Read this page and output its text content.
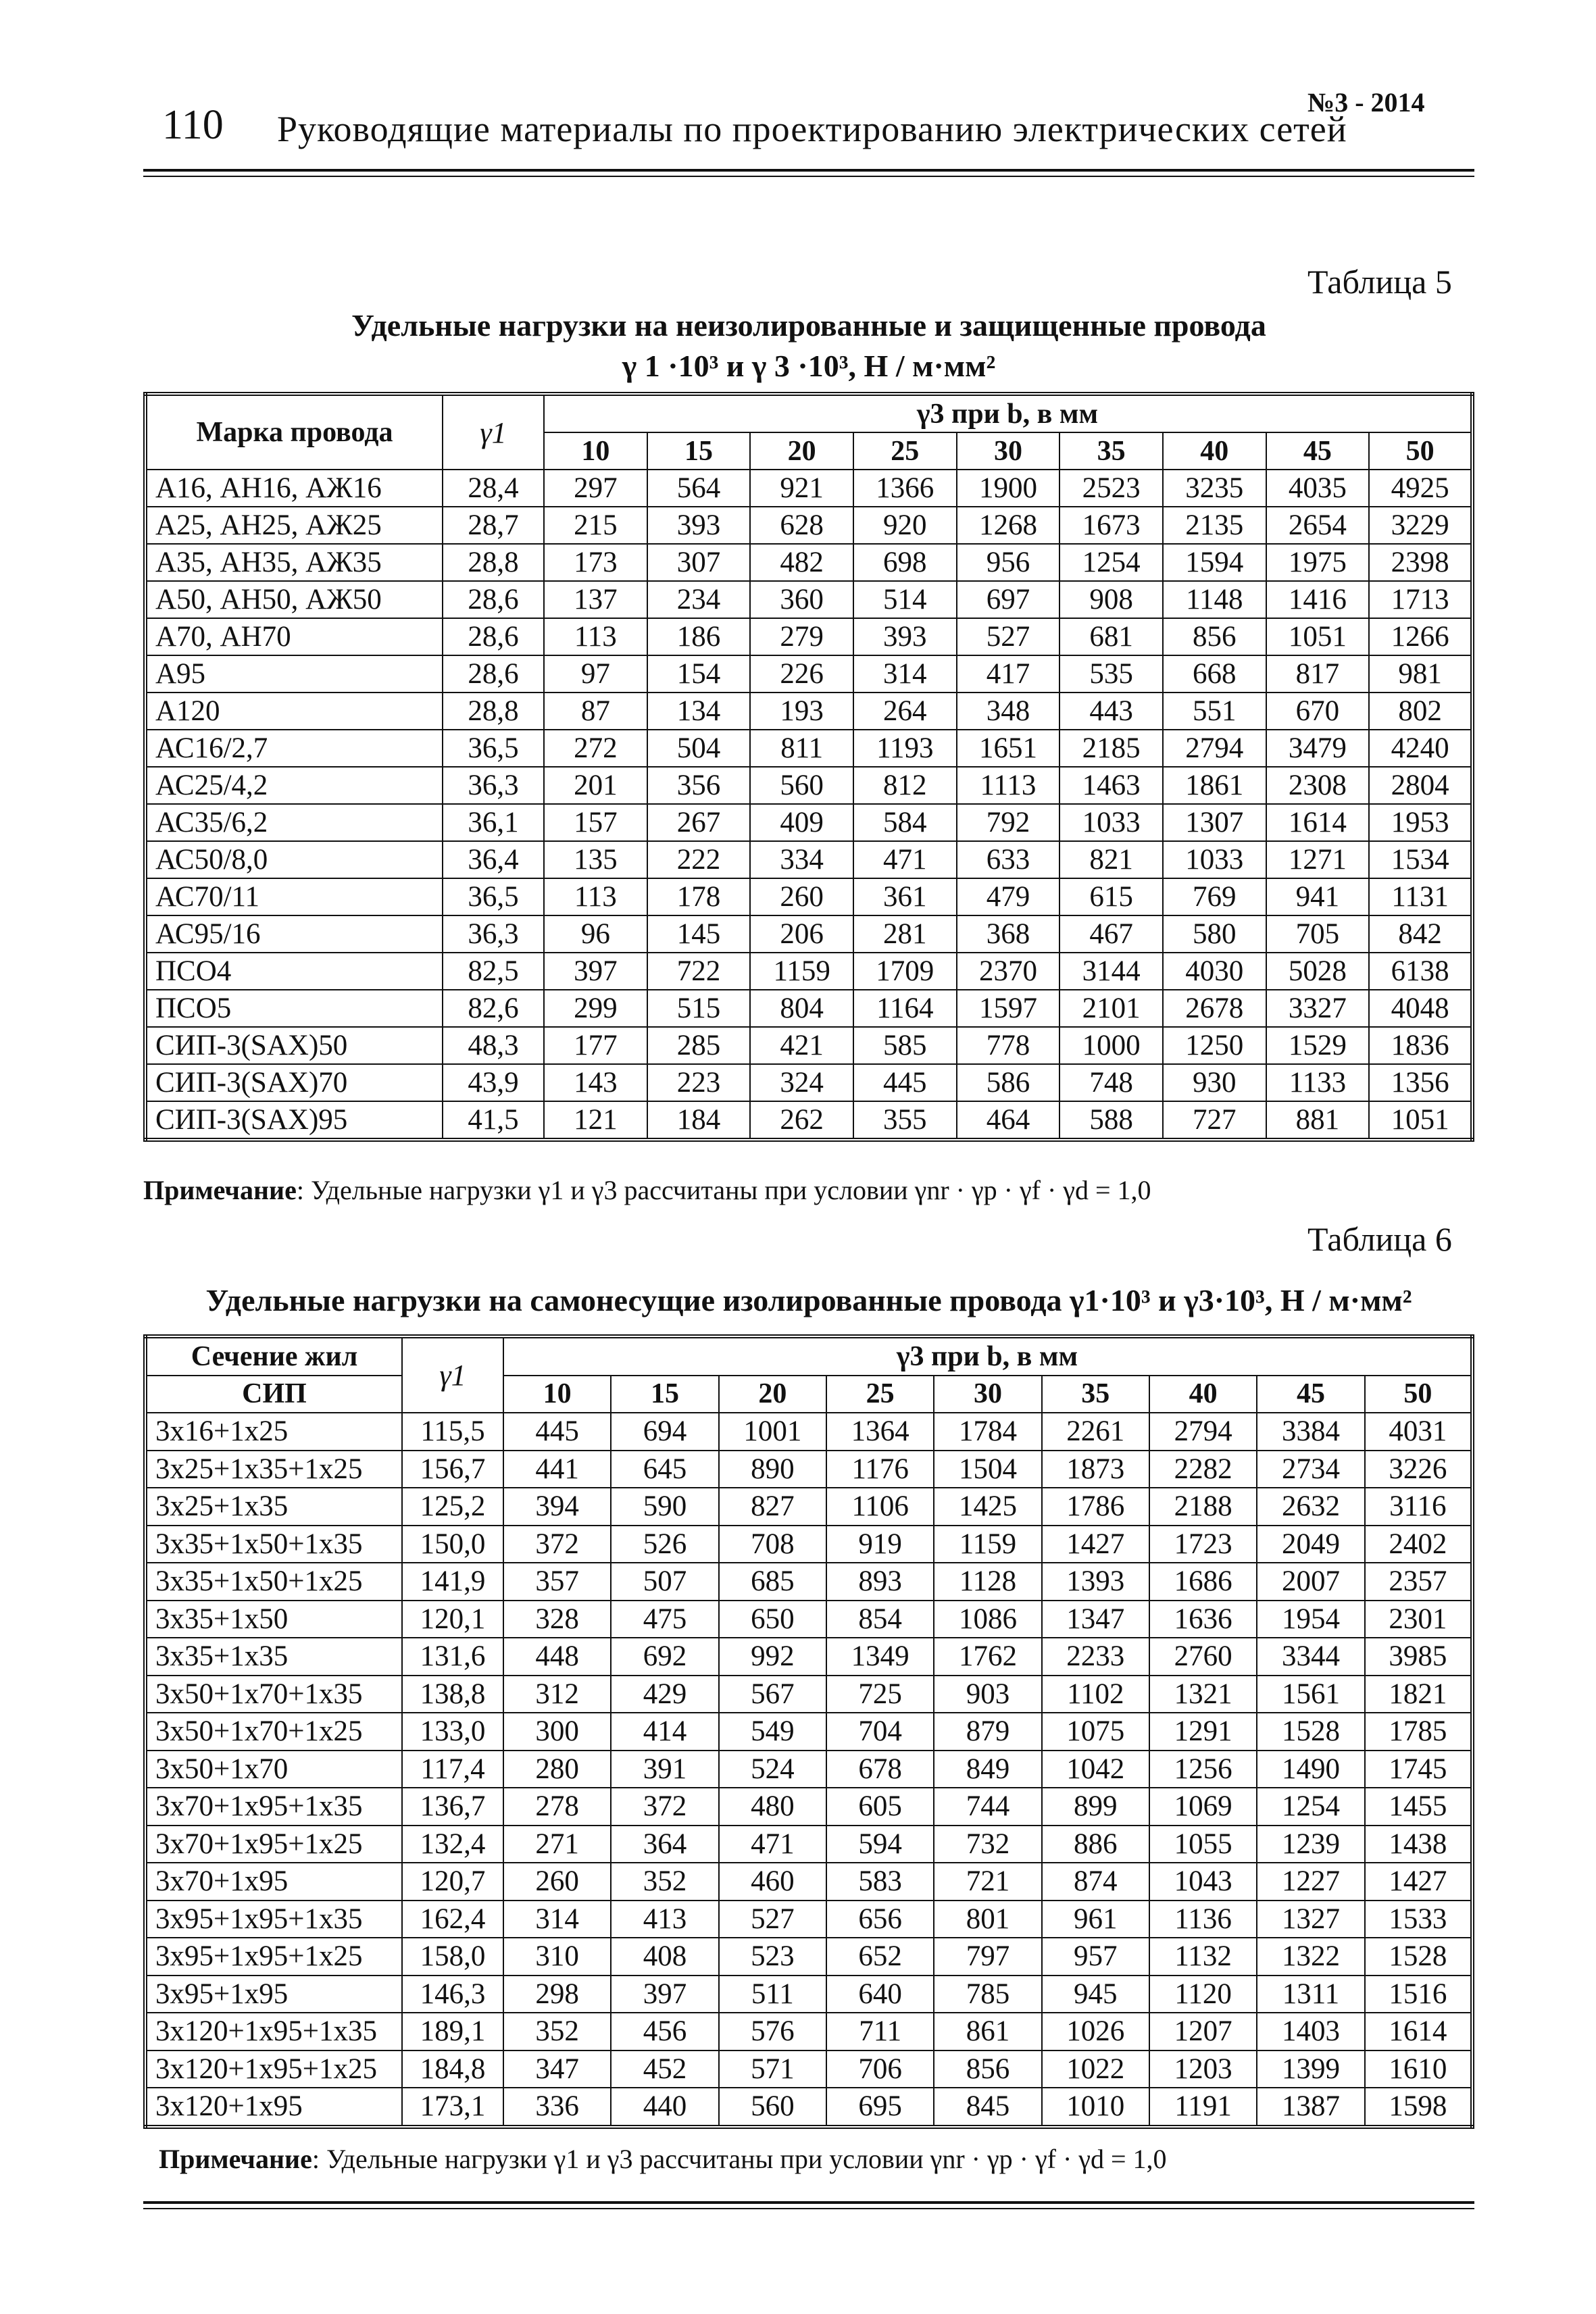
110 Руководящие материалы по проектированию электрических сетей
№3 - 2014
Таблица 5
Удельные нагрузки на неизолированные и защищенные провода
γ 1 ·10³ и γ 3 ·10³, Н / м·мм²
Марка провода	γ1	γ3 при b, в мм								
		10	15	20	25	30	35	40	45	50
А16, АН16, АЖ16	28,4	297	564	921	1366	1900	2523	3235	4035	4925
А25, АН25, АЖ25	28,7	215	393	628	920	1268	1673	2135	2654	3229
А35, АН35, АЖ35	28,8	173	307	482	698	956	1254	1594	1975	2398
А50, АН50, АЖ50	28,6	137	234	360	514	697	908	1148	1416	1713
А70, АН70	28,6	113	186	279	393	527	681	856	1051	1266
А95	28,6	97	154	226	314	417	535	668	817	981
А120	28,8	87	134	193	264	348	443	551	670	802
АС16/2,7	36,5	272	504	811	1193	1651	2185	2794	3479	4240
АС25/4,2	36,3	201	356	560	812	1113	1463	1861	2308	2804
АС35/6,2	36,1	157	267	409	584	792	1033	1307	1614	1953
АС50/8,0	36,4	135	222	334	471	633	821	1033	1271	1534
АС70/11	36,5	113	178	260	361	479	615	769	941	1131
АС95/16	36,3	96	145	206	281	368	467	580	705	842
ПСО4	82,5	397	722	1159	1709	2370	3144	4030	5028	6138
ПСО5	82,6	299	515	804	1164	1597	2101	2678	3327	4048
СИП-3(SAX)50	48,3	177	285	421	585	778	1000	1250	1529	1836
СИП-3(SAX)70	43,9	143	223	324	445	586	748	930	1133	1356
СИП-3(SAX)95	41,5	121	184	262	355	464	588	727	881	1051
Примечание: Удельные нагрузки γ1 и γ3 рассчитаны при условии γnr · γp · γf · γd = 1,0
Таблица 6
Удельные нагрузки на самонесущие изолированные провода γ1·10³ и γ3·10³, Н / м·мм²
Сечение жил	γ1	γ3 при b, в мм								
СИП		10	15	20	25	30	35	40	45	50
3x16+1x25	115,5	445	694	1001	1364	1784	2261	2794	3384	4031
3x25+1x35+1x25	156,7	441	645	890	1176	1504	1873	2282	2734	3226
3x25+1x35	125,2	394	590	827	1106	1425	1786	2188	2632	3116
3x35+1x50+1x35	150,0	372	526	708	919	1159	1427	1723	2049	2402
3x35+1x50+1x25	141,9	357	507	685	893	1128	1393	1686	2007	2357
3x35+1x50	120,1	328	475	650	854	1086	1347	1636	1954	2301
3x35+1x35	131,6	448	692	992	1349	1762	2233	2760	3344	3985
3x50+1x70+1x35	138,8	312	429	567	725	903	1102	1321	1561	1821
3x50+1x70+1x25	133,0	300	414	549	704	879	1075	1291	1528	1785
3x50+1x70	117,4	280	391	524	678	849	1042	1256	1490	1745
3x70+1x95+1x35	136,7	278	372	480	605	744	899	1069	1254	1455
3x70+1x95+1x25	132,4	271	364	471	594	732	886	1055	1239	1438
3x70+1x95	120,7	260	352	460	583	721	874	1043	1227	1427
3x95+1x95+1x35	162,4	314	413	527	656	801	961	1136	1327	1533
3x95+1x95+1x25	158,0	310	408	523	652	797	957	1132	1322	1528
3x95+1x95	146,3	298	397	511	640	785	945	1120	1311	1516
3x120+1x95+1x35	189,1	352	456	576	711	861	1026	1207	1403	1614
3x120+1x95+1x25	184,8	347	452	571	706	856	1022	1203	1399	1610
3x120+1x95	173,1	336	440	560	695	845	1010	1191	1387	1598
Примечание: Удельные нагрузки γ1 и γ3 рассчитаны при условии γnr · γp · γf · γd = 1,0
